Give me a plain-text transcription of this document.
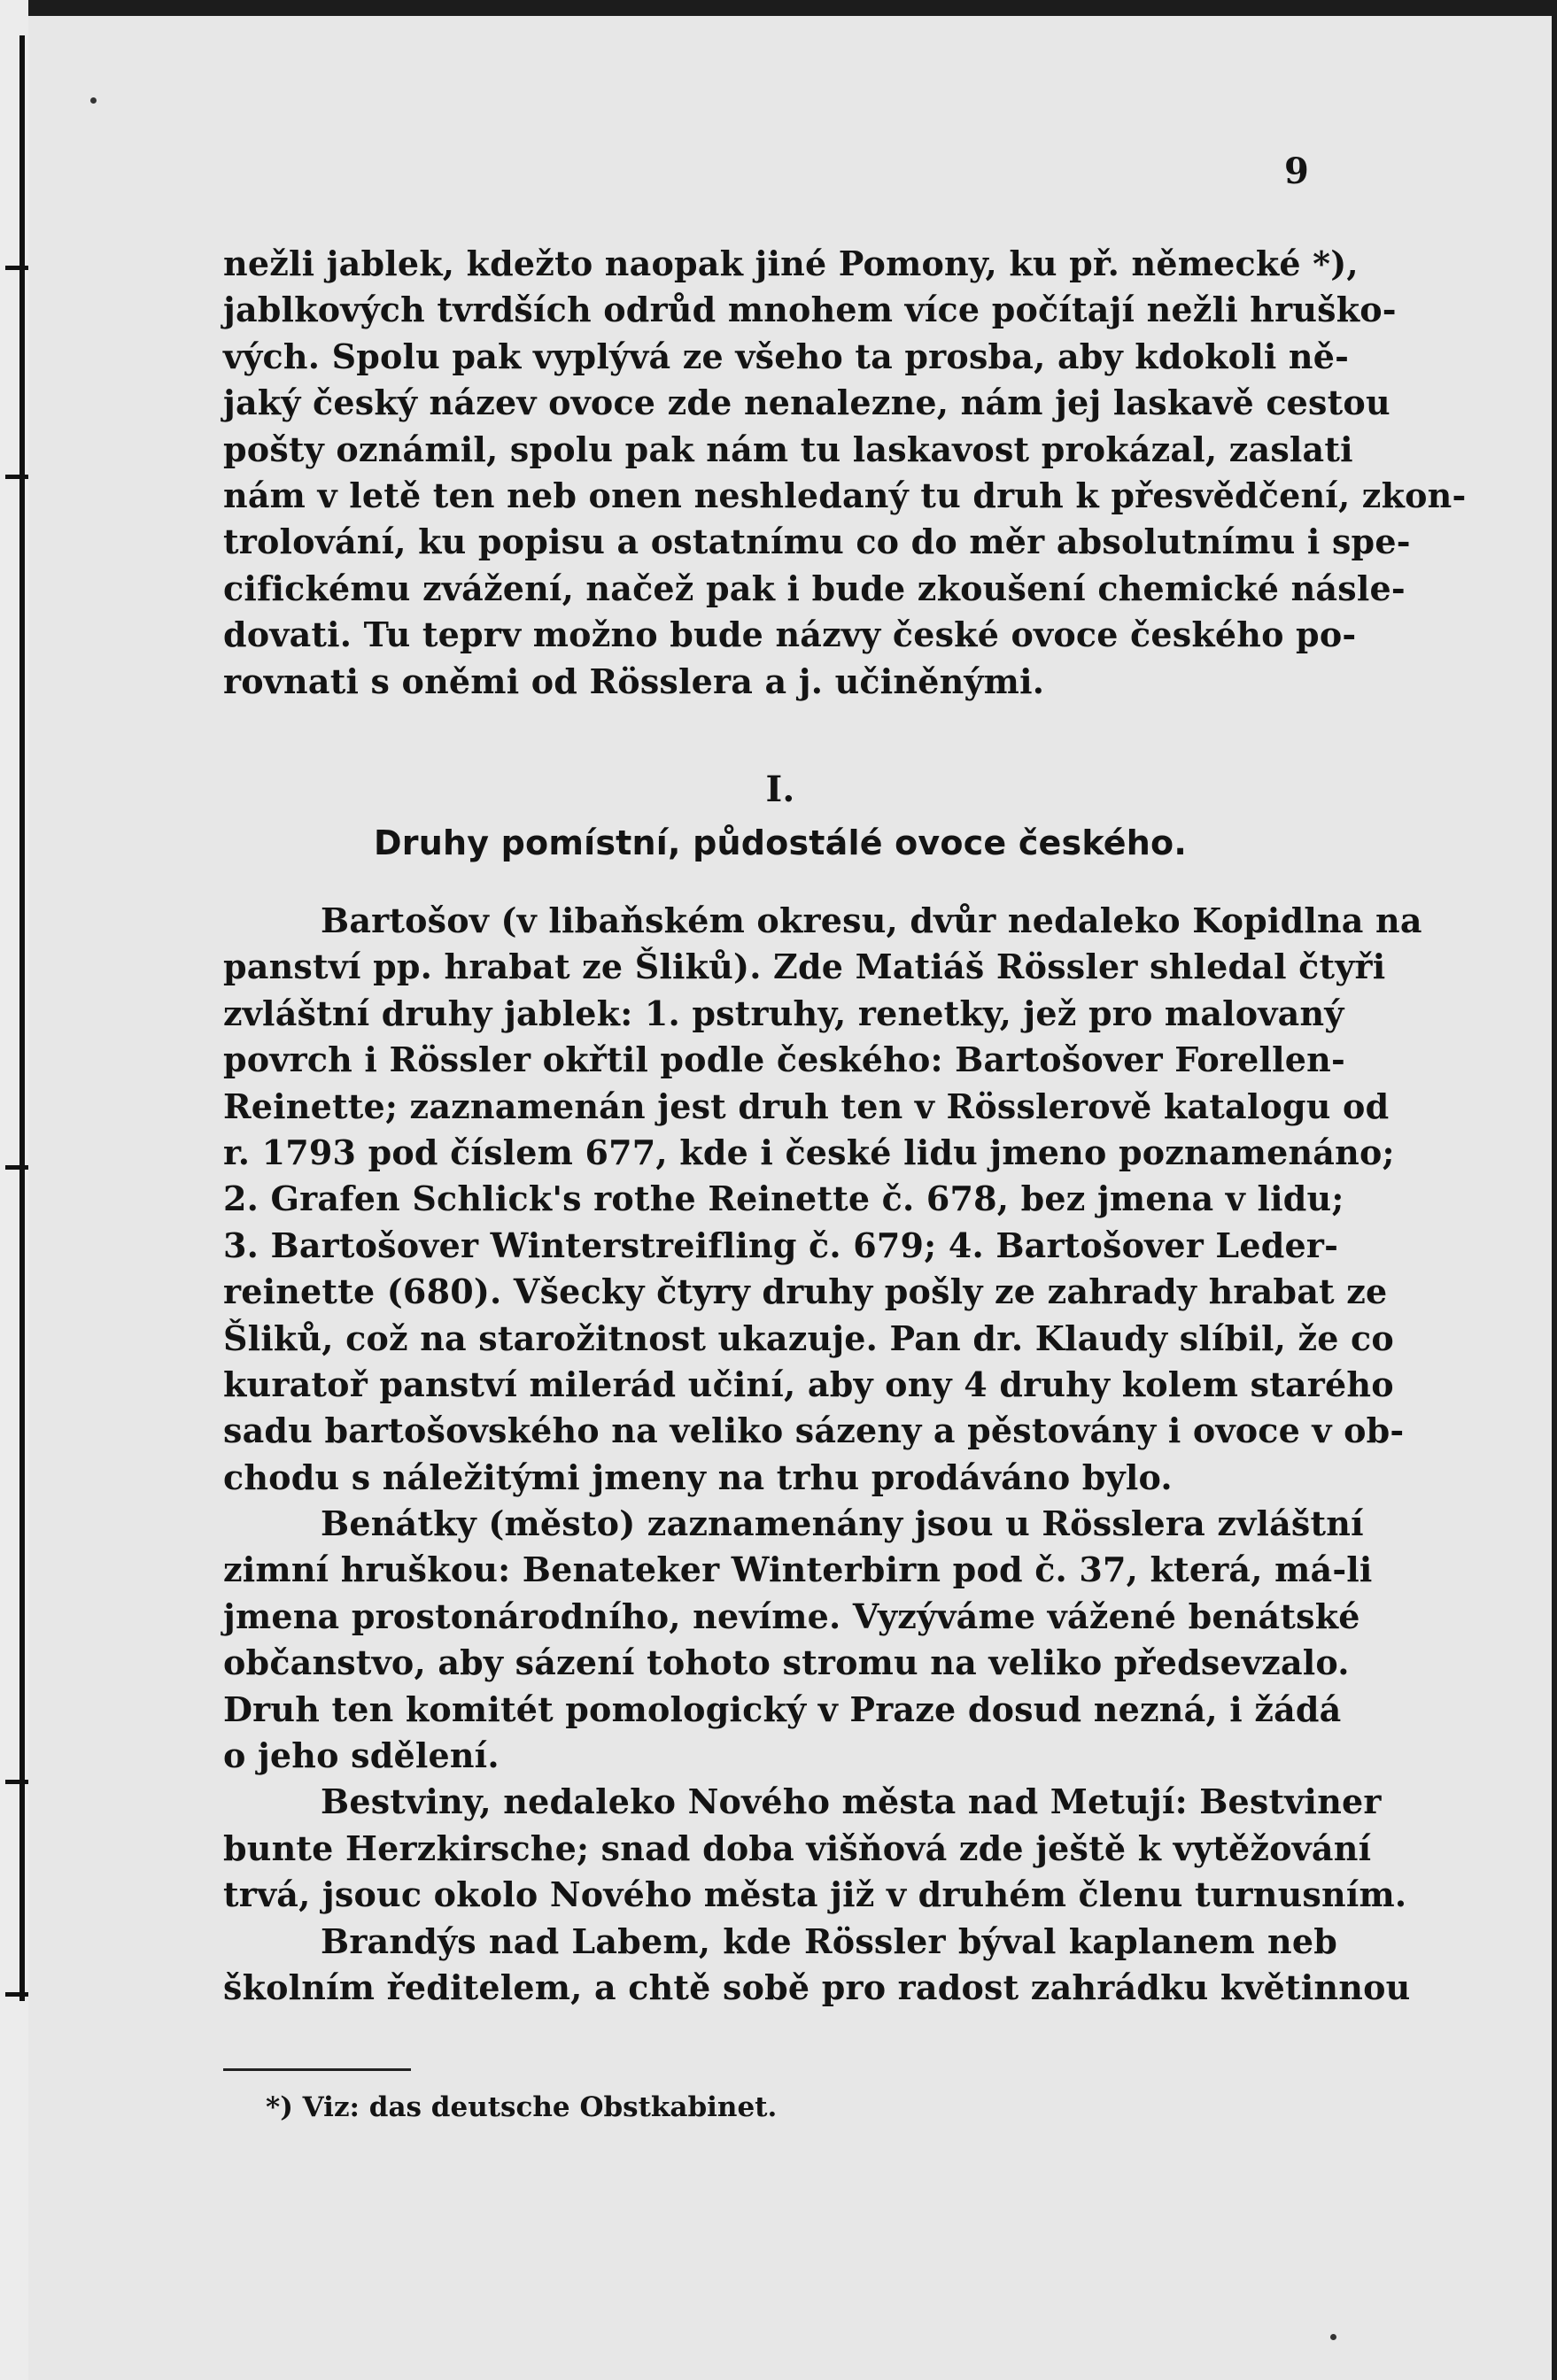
9
nežli jablek, kdežto naopak jiné Pomony, ku př. německé *),
jablkových tvrdších odrůd mnohem více počítají nežli hruško-
vých. Spolu pak vyplývá ze všeho ta prosba, aby kdokoli ně-
jaký český název ovoce zde nenalezne, nám jej laskavě cestou
pošty oznámil, spolu pak nám tu laskavost prokázal, zaslati
nám v letě ten neb onen neshledaný tu druh k přesvědčení, zkon-
trolování, ku popisu a ostatnímu co do měr absolutnímu i spe-
cifickému zvážení, načež pak i bude zkoušení chemické násle-
dovati. Tu teprv možno bude názvy české ovoce českého po-
rovnati s oněmi od Rösslera a j. učiněnými.
I.
Druhy pomístní, půdostálé ovoce českého.
Bartošov (v libaňském okresu, dvůr nedaleko Kopidlna na
panství pp. hrabat ze Šliků). Zde Matiáš Rössler shledal čtyři
zvláštní druhy jablek: 1. pstruhy, renetky, jež pro malovaný
povrch i Rössler okřtil podle českého: Bartošover Forellen-
Reinette; zaznamenán jest druh ten v Rösslerově katalogu od
r. 1793 pod číslem 677, kde i české lidu jmeno poznamenáno;
2. Grafen Schlick's rothe Reinette č. 678, bez jmena v lidu;
3. Bartošover Winterstreifling č. 679; 4. Bartošover Leder-
reinette (680). Všecky čtyry druhy pošly ze zahrady hrabat ze
Šliků, což na starožitnost ukazuje. Pan dr. Klaudy slíbil, že co
kuratoř panství milerád učiní, aby ony 4 druhy kolem starého
sadu bartošovského na veliko sázeny a pěstovány i ovoce v ob-
chodu s náležitými jmeny na trhu prodáváno bylo.
Benátky (město) zaznamenány jsou u Rösslera zvláštní
zimní hruškou: Benateker Winterbirn pod č. 37, která, má-li
jmena prostonárodního, nevíme. Vyzýváme vážené benátské
občanstvo, aby sázení tohoto stromu na veliko předsevzalo.
Druh ten komitét pomologický v Praze dosud nezná, i žádá
o jeho sdělení.
Bestviny, nedaleko Nového města nad Metují: Bestviner
bunte Herzkirsche; snad doba višňová zde ještě k vytěžování
trvá, jsouc okolo Nového města již v druhém členu turnusním.
Brandýs nad Labem, kde Rössler býval kaplanem neb
školním ředitelem, a chtě sobě pro radost zahrádku květinnou
*) Viz: das deutsche Obstkabinet.
